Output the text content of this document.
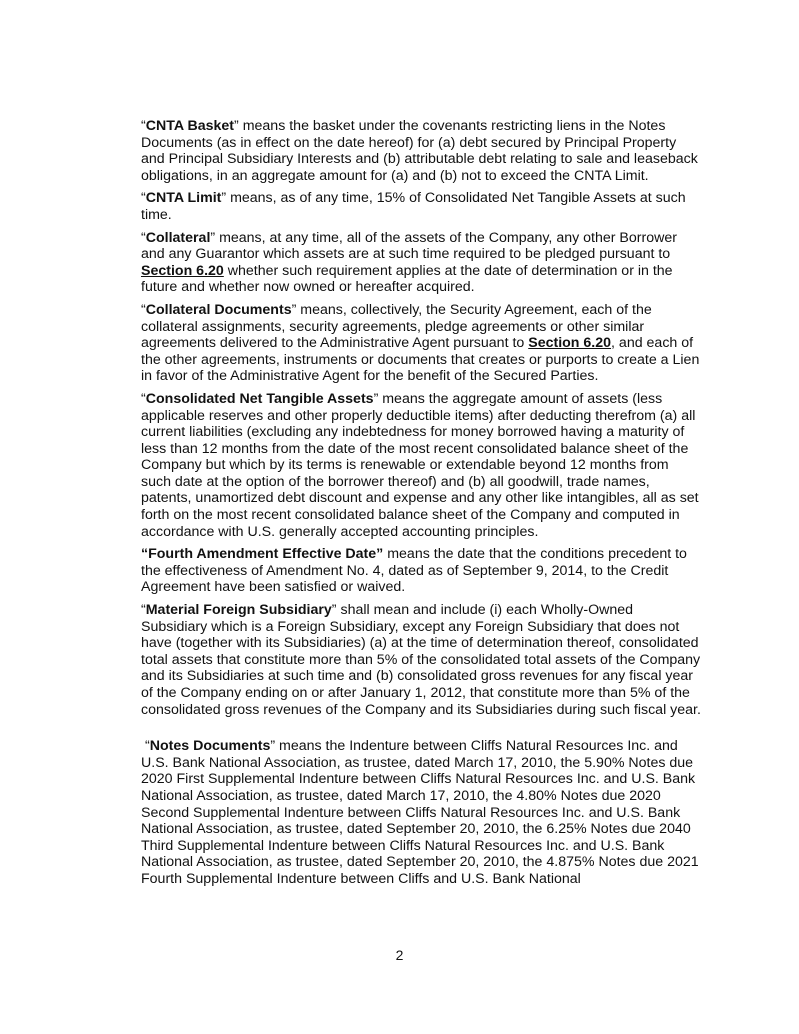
“CNTA Basket” means the basket under the covenants restricting liens in the Notes Documents (as in effect on the date hereof) for (a) debt secured by Principal Property and Principal Subsidiary Interests and (b) attributable debt relating to sale and leaseback obligations, in an aggregate amount for (a) and (b) not to exceed the CNTA Limit.

“CNTA Limit” means, as of any time, 15% of Consolidated Net Tangible Assets at such time.

“Collateral” means, at any time, all of the assets of the Company, any other Borrower and any Guarantor which assets are at such time required to be pledged pursuant to Section 6.20 whether such requirement applies at the date of determination or in the future and whether now owned or hereafter acquired.

“Collateral Documents” means, collectively, the Security Agreement, each of the collateral assignments, security agreements, pledge agreements or other similar agreements delivered to the Administrative Agent pursuant to Section 6.20, and each of the other agreements, instruments or documents that creates or purports to create a Lien in favor of the Administrative Agent for the benefit of the Secured Parties.

“Consolidated Net Tangible Assets” means the aggregate amount of assets (less applicable reserves and other properly deductible items) after deducting therefrom (a) all current liabilities (excluding any indebtedness for money borrowed having a maturity of less than 12 months from the date of the most recent consolidated balance sheet of the Company but which by its terms is renewable or extendable beyond 12 months from such date at the option of the borrower thereof) and (b) all goodwill, trade names, patents, unamortized debt discount and expense and any other like intangibles, all as set forth on the most recent consolidated balance sheet of the Company and computed in accordance with U.S. generally accepted accounting principles.

“Fourth Amendment Effective Date” means the date that the conditions precedent to the effectiveness of Amendment No. 4, dated as of September 9, 2014, to the Credit Agreement have been satisfied or waived.

“Material Foreign Subsidiary” shall mean and include (i) each Wholly-Owned Subsidiary which is a Foreign Subsidiary, except any Foreign Subsidiary that does not have (together with its Subsidiaries) (a) at the time of determination thereof, consolidated total assets that constitute more than 5% of the consolidated total assets of the Company and its Subsidiaries at such time and (b) consolidated gross revenues for any fiscal year of the Company ending on or after January 1, 2012, that constitute more than 5% of the consolidated gross revenues of the Company and its Subsidiaries during such fiscal year.

“Notes Documents” means the Indenture between Cliffs Natural Resources Inc. and U.S. Bank National Association, as trustee, dated March 17, 2010, the 5.90% Notes due 2020 First Supplemental Indenture between Cliffs Natural Resources Inc. and U.S. Bank National Association, as trustee, dated March 17, 2010, the 4.80% Notes due 2020 Second Supplemental Indenture between Cliffs Natural Resources Inc. and U.S. Bank National Association, as trustee, dated September 20, 2010, the 6.25% Notes due 2040 Third Supplemental Indenture between Cliffs Natural Resources Inc. and U.S. Bank National Association, as trustee, dated September 20, 2010, the 4.875% Notes due 2021 Fourth Supplemental Indenture between Cliffs and U.S. Bank National

2
